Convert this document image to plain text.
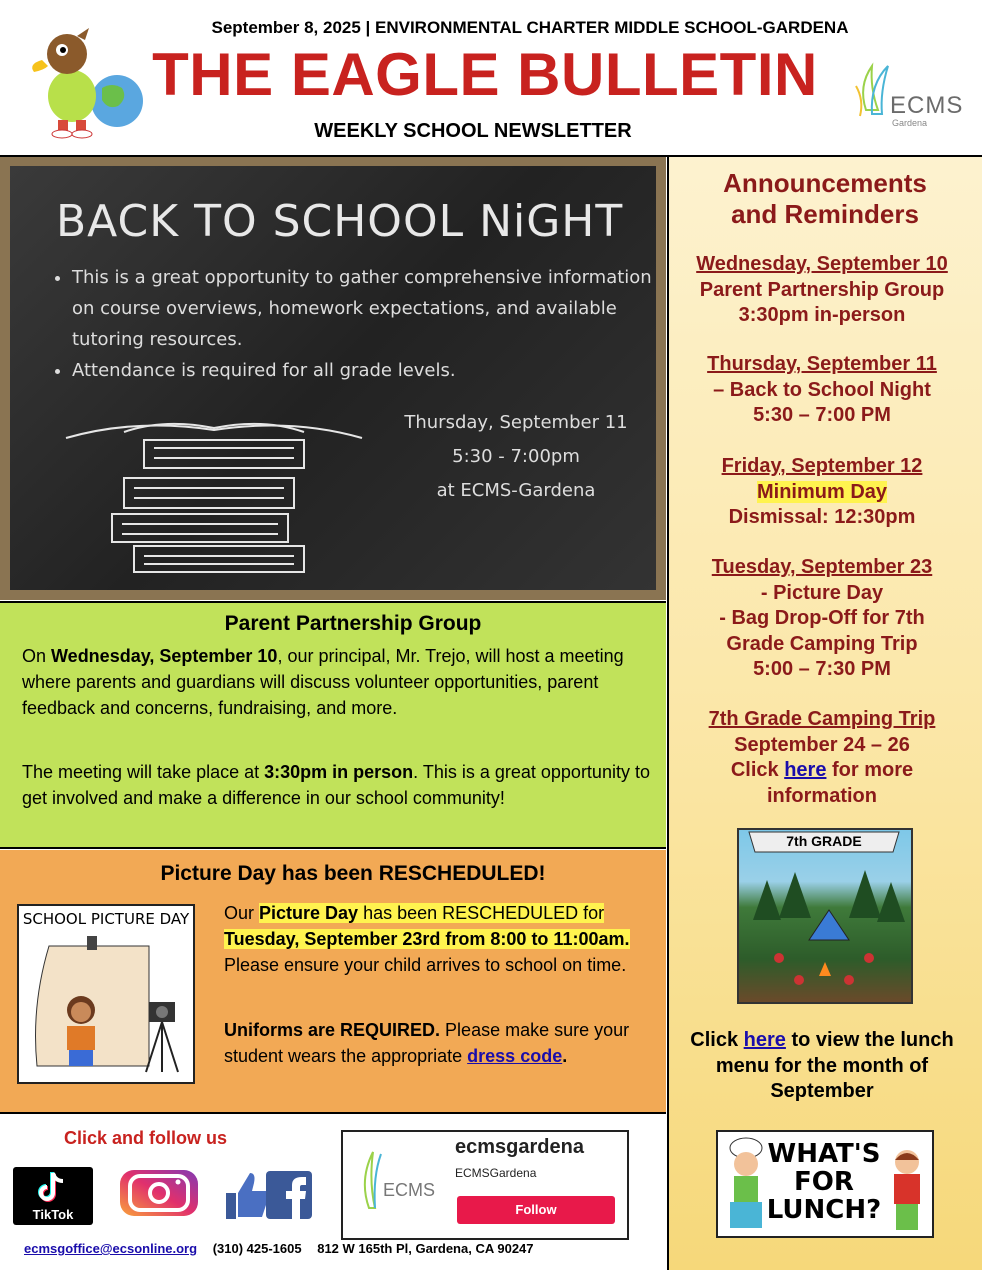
September 8, 2025 | ENVIRONMENTAL CHARTER MIDDLE SCHOOL-GARDENA
THE EAGLE BULLETIN
WEEKLY SCHOOL NEWSLETTER
ECMS
Gardena
BACK TO SCHOOL NiGHT
• This is a great opportunity to gather comprehensive information on course overviews, homework expectations, and available tutoring resources.
• Attendance is required for all grade levels.
Thursday, September 11
5:30 - 7:00pm
at ECMS-Gardena
Parent Partnership Group

On Wednesday, September 10, our principal, Mr. Trejo, will host a meeting where parents and guardians will discuss volunteer opportunities, parent feedback and concerns, fundraising, and more.

The meeting will take place at 3:30pm in person. This is a great opportunity to get involved and make a difference in our school community!

Picture Day has been RESCHEDULED!
SCHOOL PICTURE DAY Our Picture Day has been RESCHEDULED for Tuesday, September 23rd from 8:00 to 11:00am. Please ensure your child arrives to school on time.

Uniforms are REQUIRED. Please make sure your student wears the appropriate dress code.

Click and follow us
TikTok
ECMS
ecmsgardena
ECMSGardena
Follow
ecmsgoffice@ecsonline.org (310) 425-1605 812 W 165th Pl, Gardena, CA 90247
Announcements
and Reminders
Wednesday, September 10
Parent Partnership Group
3:30pm in-person
Thursday, September 11
– Back to School Night
5:30 – 7:00 PM
Friday, September 12
Minimum Day
Dismissal: 12:30pm
Tuesday, September 23
- Picture Day
- Bag Drop-Off for 7th
Grade Camping Trip
5:00 – 7:30 PM
7th Grade Camping Trip
September 24 – 26
Click here for more
information
7th GRADE
Click here to view the lunch menu for the month of September
WHAT'S FOR LUNCH?
